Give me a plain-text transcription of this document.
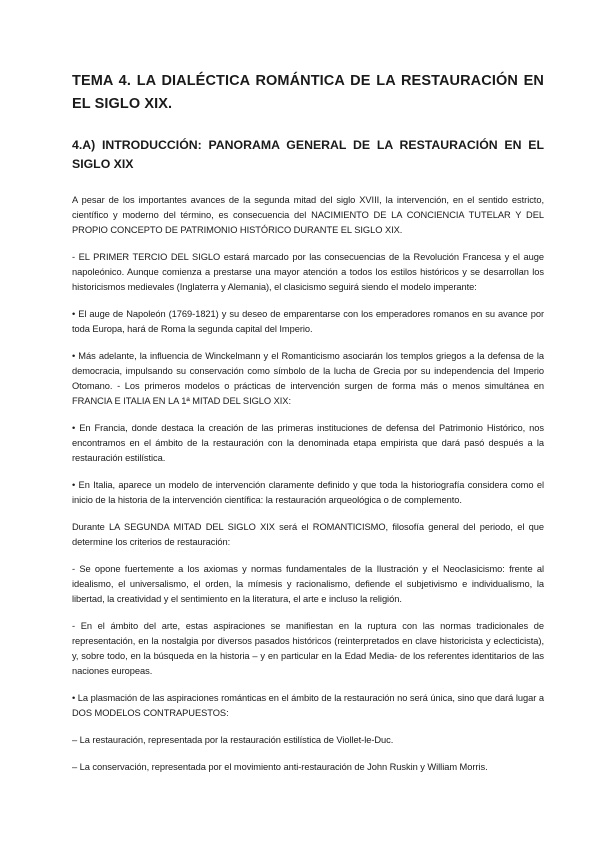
TEMA 4. LA DIALÉCTICA ROMÁNTICA DE LA RESTAURACIÓN EN EL SIGLO XIX.
4.A) INTRODUCCIÓN: PANORAMA GENERAL DE LA RESTAURACIÓN EN EL SIGLO XIX

A pesar de los importantes avances de la segunda mitad del siglo XVIII, la intervención, en el sentido estricto, científico y moderno del término, es consecuencia del NACIMIENTO DE LA CONCIENCIA TUTELAR Y DEL PROPIO CONCEPTO DE PATRIMONIO HISTÓRICO DURANTE EL SIGLO XIX.

- EL PRIMER TERCIO DEL SIGLO estará marcado por las consecuencias de la Revolución Francesa y el auge napoleónico. Aunque comienza a prestarse una mayor atención a todos los estilos históricos y se desarrollan los historicismos medievales (Inglaterra y Alemania), el clasicismo seguirá siendo el modelo imperante:

• El auge de Napoleón (1769-1821) y su deseo de emparentarse con los emperadores romanos en su avance por toda Europa, hará de Roma la segunda capital del Imperio.

• Más adelante, la influencia de Winckelmann y el Romanticismo asociarán los templos griegos a la defensa de la democracia, impulsando su conservación como símbolo de la lucha de Grecia por su independencia del Imperio Otomano. - Los primeros modelos o prácticas de intervención surgen de forma más o menos simultánea en FRANCIA E ITALIA EN LA 1ª MITAD DEL SIGLO XIX:

• En Francia, donde destaca la creación de las primeras instituciones de defensa del Patrimonio Histórico, nos encontramos en el ámbito de la restauración con la denominada etapa empirista que dará pasó después a la restauración estilística.

• En Italia, aparece un modelo de intervención claramente definido y que toda la historiografía considera como el inicio de la historia de la intervención científica: la restauración arqueológica o de complemento.

Durante LA SEGUNDA MITAD DEL SIGLO XIX será el ROMANTICISMO, filosofía general del periodo, el que determine los criterios de restauración:

- Se opone fuertemente a los axiomas y normas fundamentales de la Ilustración y el Neoclasicismo: frente al idealismo, el universalismo, el orden, la mímesis y racionalismo, defiende el subjetivismo e individualismo, la libertad, la creatividad y el sentimiento en la literatura, el arte e incluso la religión.

- En el ámbito del arte, estas aspiraciones se manifiestan en la ruptura con las normas tradicionales de representación, en la nostalgia por diversos pasados históricos (reinterpretados en clave historicista y eclecticista), y, sobre todo, en la búsqueda en la historia – y en particular en la Edad Media- de los referentes identitarios de las naciones europeas.

• La plasmación de las aspiraciones románticas en el ámbito de la restauración no será única, sino que dará lugar a DOS MODELOS CONTRAPUESTOS:

– La restauración, representada por la restauración estilística de Viollet-le-Duc.

– La conservación, representada por el movimiento anti-restauración de John Ruskin y William Morris.
